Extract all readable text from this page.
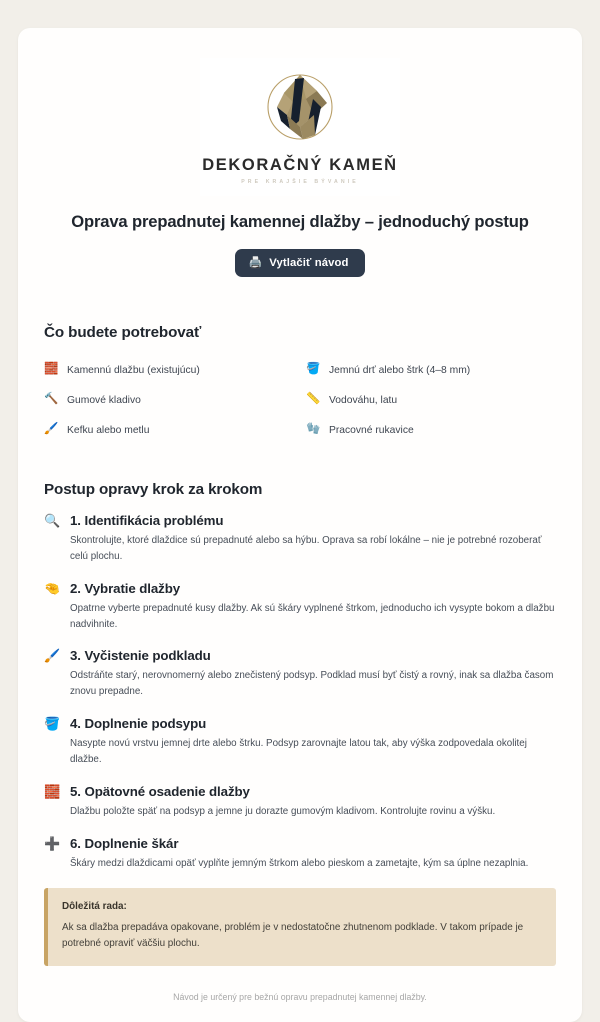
DEKORAČNÝ KAMEŇ
PRE KRAJŠIE BÝVANIE
Oprava prepadnutej kamennej dlažby – jednoduchý postup
🖨️ Vytlačiť návod
Čo budete potrebovať
🧱 Kamennú dlažbu (existujúcu)	🪣 Jemnú drť alebo štrk (4–8 mm)
🔨 Gumové kladivo	📏 Vodováhu, latu
🖌️ Kefku alebo metlu	🧤 Pracovné rukavice
Postup opravy krok za krokom
🔍 1. Identifikácia problému

Skontrolujte, ktoré dlaždice sú prepadnuté alebo sa hýbu. Oprava sa robí lokálne – nie je potrebné rozoberať celú plochu.

🤏 2. Vybratie dlažby

Opatrne vyberte prepadnuté kusy dlažby. Ak sú škáry vyplnené štrkom, jednoducho ich vysypte bokom a dlažbu nadvihnite.

🖌️ 3. Vyčistenie podkladu

Odstráňte starý, nerovnomerný alebo znečistený podsyp. Podklad musí byť čistý a rovný, inak sa dlažba časom znovu prepadne.

🪣 4. Doplnenie podsypu

Nasypte novú vrstvu jemnej drte alebo štrku. Podsyp zarovnajte latou tak, aby výška zodpovedala okolitej dlažbe.

🧱 5. Opätovné osadenie dlažby

Dlažbu položte späť na podsyp a jemne ju dorazte gumovým kladivom. Kontrolujte rovinu a výšku.

➕ 6. Doplnenie škár

Škáry medzi dlaždicami opäť vyplňte jemným štrkom alebo pieskom a zametajte, kým sa úplne nezaplnia.

Dôležitá rada:

Ak sa dlažba prepadáva opakovane, problém je v nedostatočne zhutnenom podklade. V takom prípade je potrebné opraviť väčšiu plochu.

Návod je určený pre bežnú opravu prepadnutej kamennej dlažby.
